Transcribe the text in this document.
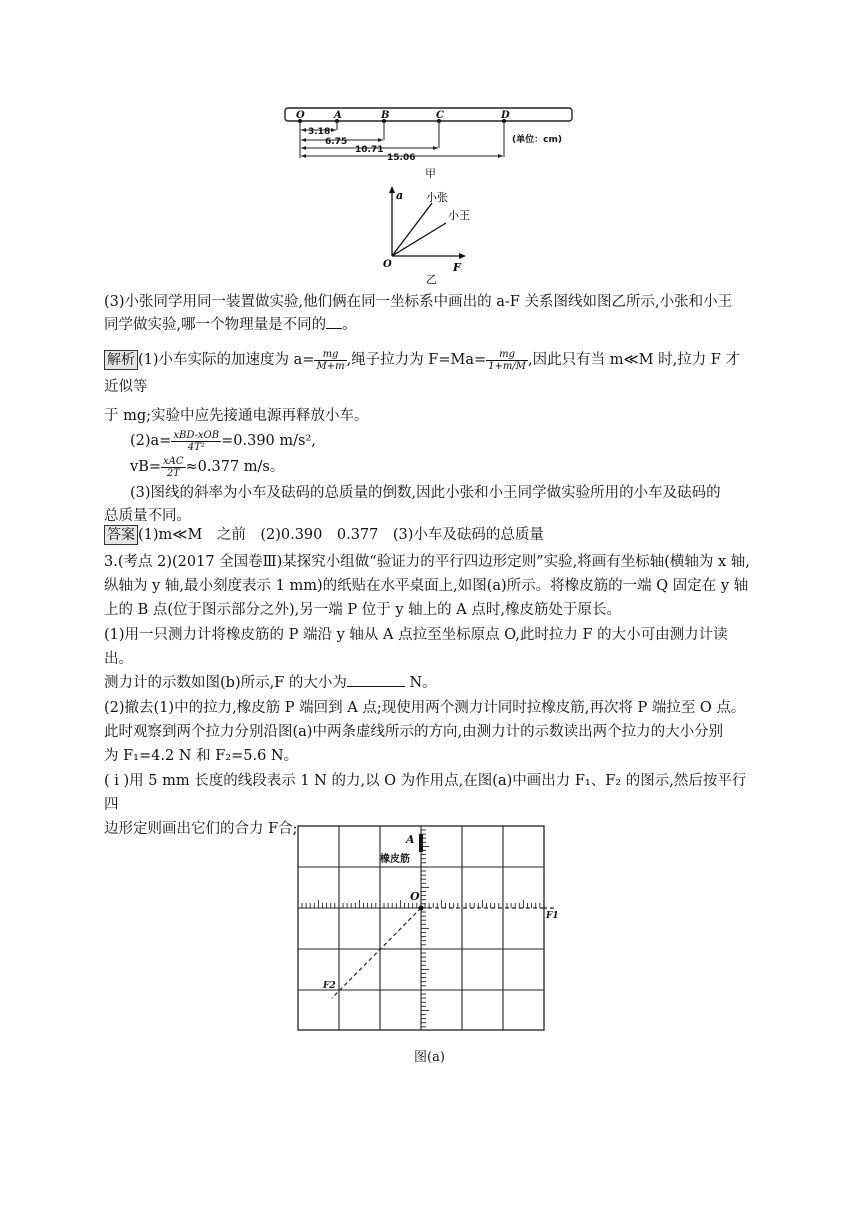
O	A	B	C	D
3.18
6.75
10.71
15.06
(单位：cm)
甲
a
F
O
小张
小王
乙
(3)小张同学用同一装置做实验,他们俩在同一坐标系中画出的 a-F 关系图线如图乙所示,小张和小王
同学做实验,哪一个物理量是不同的 。
解析 (1)小车实际的加速度为 $a= \frac{mg}{M+m}$ ,绳子拉力为 $F=Ma= \frac{mg}{1+m/M}$ ,因此只有当 m≪M 时,拉力 F 才近似等
于 mg;实验中应先接通电源再释放小车。
$(2)a= \frac{\text{xBD-xOB}}{\text{4T²}} =0.390$ m/s²,
$vB= \frac{\text{xAC}}{2T} \approx 0.377$ m/s。
(3)图线的斜率为小车及砝码的总质量的倒数,因此小张和小王同学做实验所用的小车及砝码的
总质量不同。
答案 (1)m≪M　之前　(2)0.390　0.377　(3)小车及砝码的总质量
3.(考点 2)(2017 全国卷Ⅲ)某探究小组做“验证力的平行四边形定则”实验,将画有坐标轴(横轴为 x 轴,
纵轴为 y 轴,最小刻度表示 1 mm)的纸贴在水平桌面上,如图(a)所示。将橡皮筋的一端 Q 固定在 y 轴
上的 B 点(位于图示部分之外),另一端 P 位于 y 轴上的 A 点时,橡皮筋处于原长。
(1)用一只测力计将橡皮筋的 P 端沿 y 轴从 A 点拉至坐标原点 O,此时拉力 F 的大小可由测力计读出。
测力计的示数如图(b)所示,F 的大小为	N。
(2)撤去(1)中的拉力,橡皮筋 P 端回到 A 点;现使用两个测力计同时拉橡皮筋,再次将 P 端拉至 O 点。
此时观察到两个拉力分别沿图(a)中两条虚线所示的方向,由测力计的示数读出两个拉力的大小分别
为 F₁=4.2 N 和 F₂=5.6 N。
( i )用 5 mm 长度的线段表示 1 N 的力,以 O 为作用点,在图(a)中画出力 F₁、F₂ 的图示,然后按平行四
边形定则画出它们的合力 F合;
A
O
F1
F2
橡皮筋
图(a)
